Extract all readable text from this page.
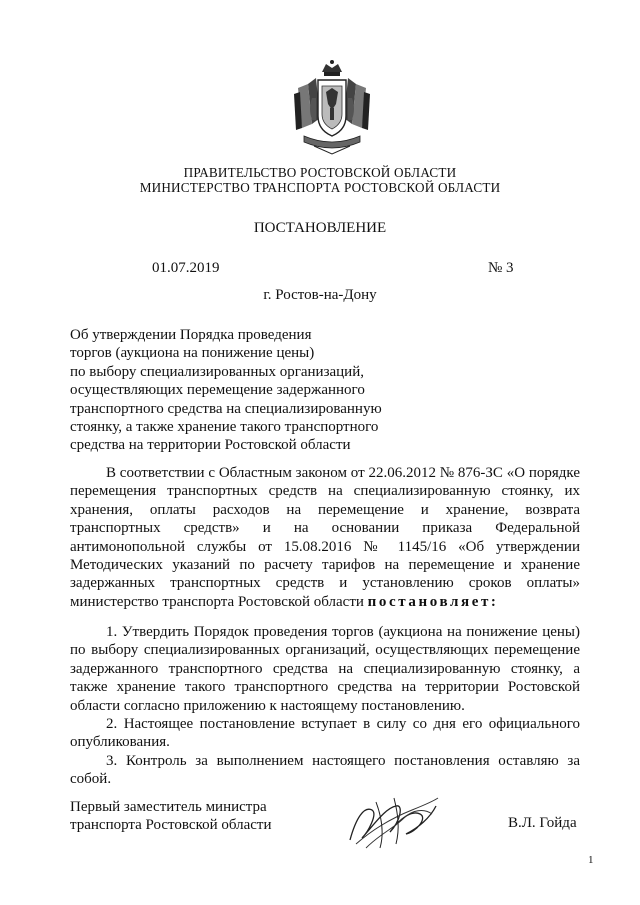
ПРАВИТЕЛЬСТВО РОСТОВСКОЙ ОБЛАСТИ
МИНИСТЕРСТВО ТРАНСПОРТА РОСТОВСКОЙ ОБЛАСТИ
ПОСТАНОВЛЕНИЕ
01.07.2019	№ 3
г. Ростов-на-Дону
Об утверждении Порядка проведения
торгов (аукциона на понижение цены)
по выбору специализированных организаций,
осуществляющих перемещение задержанного
транспортного средства на специализированную
стоянку, а также хранение такого транспортного
средства на территории Ростовской области
В соответствии с Областным законом от 22.06.2012 № 876-ЗС «О порядке перемещения транспортных средств на специализированную стоянку, их хранения, оплаты расходов на перемещение и хранение, возврата транспортных средств» и на основании приказа Федеральной антимонопольной службы от 15.08.2016 № 1145/16 «Об утверждении Методических указаний по расчету тарифов на перемещение и хранение задержанных транспортных средств и установлению сроков оплаты» министерство транспорта Ростовской области постановляет:

1. Утвердить Порядок проведения торгов (аукциона на понижение цены) по выбору специализированных организаций, осуществляющих перемещение задержанного транспортного средства на специализированную стоянку, а также хранение такого транспортного средства на территории Ростовской области согласно приложению к настоящему постановлению.

2. Настоящее постановление вступает в силу со дня его официального опубликования.

3. Контроль за выполнением настоящего постановления оставляю за собой.

Первый заместитель министра
транспорта Ростовской области	В.Л. Гойда
1
